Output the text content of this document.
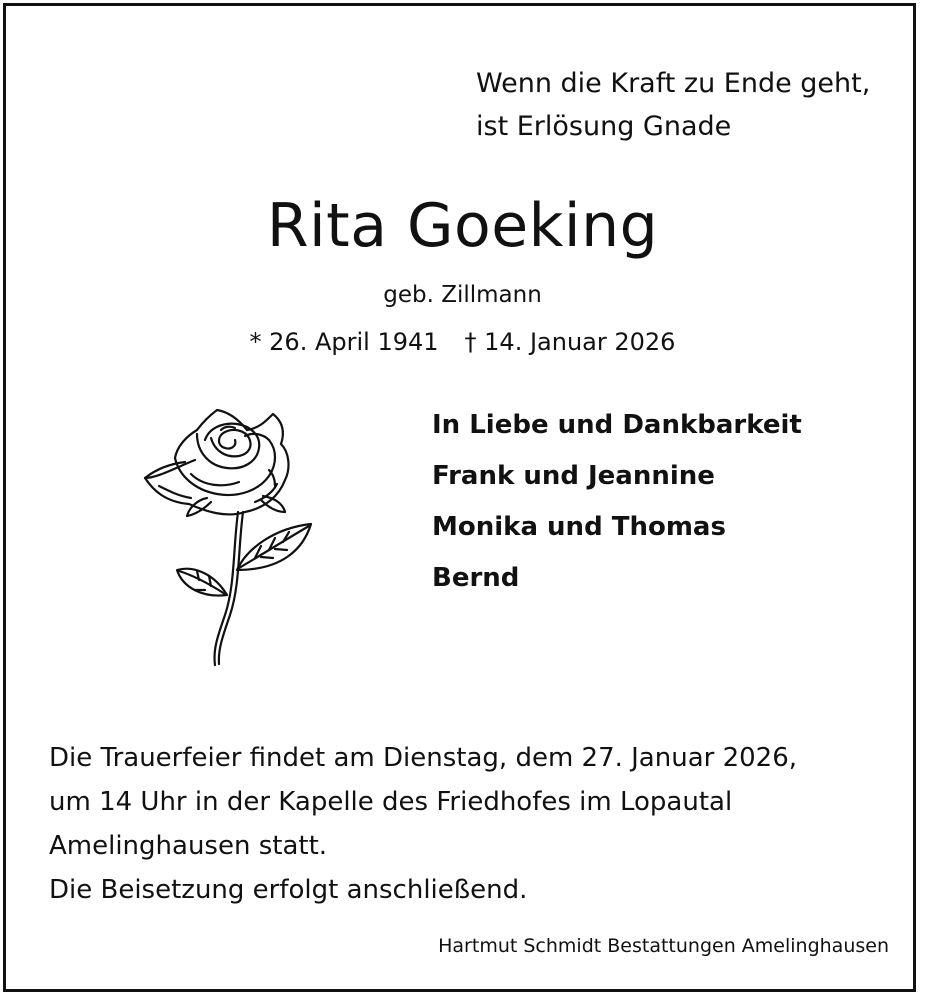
Wenn die Kraft zu Ende geht,
ist Erlösung Gnade
Rita Goeking
geb. Zillmann
* 26. April 1941 † 14. Januar 2026
In Liebe und Dankbarkeit
Frank und Jeannine
Monika und Thomas
Bernd
Die Trauerfeier findet am Dienstag, dem 27. Januar 2026,
um 14 Uhr in der Kapelle des Friedhofes im Lopautal
Amelinghausen statt.
Die Beisetzung erfolgt anschließend.
Hartmut Schmidt Bestattungen Amelinghausen
